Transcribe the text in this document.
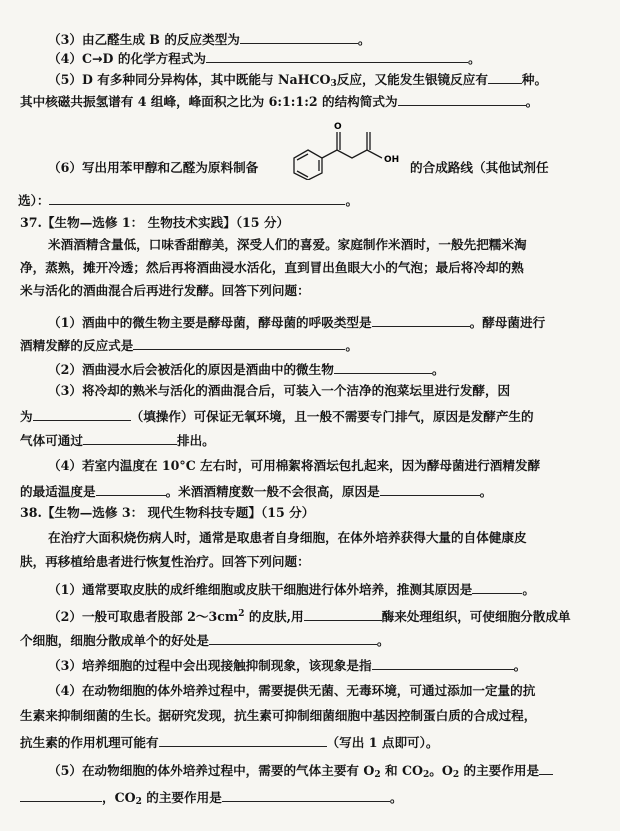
（3）由乙醛生成 B 的反应类型为	。
（4）C→D 的化学方程式为	。
（5）D 有多种同分异构体，其中既能与 NaHCO$_3$反应，又能发生银镜反应有	种。
其中核磁共振氢谱有 4 组峰，峰面积之比为 6:1:1:2 的结构简式为	。
（6）写出用苯甲醇和乙醛为原料制备
O
OH 的合成路线（其他试剂任
选）：	。
37.【生物—选修 1： 生物技术实践】（15 分）
米酒酒精含量低，口味香甜醇美，深受人们的喜爱。家庭制作米酒时，一般先把糯米淘
净，蒸熟，摊开冷透；然后再将酒曲浸水活化，直到冒出鱼眼大小的气泡；最后将冷却的熟
米与活化的酒曲混合后再进行发酵。回答下列问题：
（1）酒曲中的微生物主要是酵母菌，酵母菌的呼吸类型是	。酵母菌进行
酒精发酵的反应式是	。
（2）酒曲浸水后会被活化的原因是酒曲中的微生物	。
（3）将冷却的熟米与活化的酒曲混合后，可装入一个洁净的泡菜坛里进行发酵，因
为	（填操作）可保证无氧环境，且一般不需要专门排气，原因是发酵产生的
气体可通过	排出。
（4）若室内温度在 10°C 左右时，可用棉絮将酒坛包扎起来，因为酵母菌进行酒精发酵
的最适温度是	。米酒酒精度数一般不会很高，原因是	。
38.【生物—选修 3： 现代生物科技专题】（15 分）
在治疗大面积烧伤病人时，通常是取患者自身细胞，在体外培养获得大量的自体健康皮
肤，再移植给患者进行恢复性治疗。回答下列问题：
（1）通常要取皮肤的成纤维细胞或皮肤干细胞进行体外培养，推测其原因是	。
（2）一般可取患者股部 $2\sim 3cm^2$ 的皮肤,用	酶来处理组织，可使细胞分散成单
个细胞，细胞分散成单个的好处是	。
（3）培养细胞的过程中会出现接触抑制现象，该现象是指	。
（4）在动物细胞的体外培养过程中，需要提供无菌、无毒环境，可通过添加一定量的抗
生素来抑制细菌的生长。据研究发现，抗生素可抑制细菌细胞中基因控制蛋白质的合成过程，
抗生素的作用机理可能有	（写出 1 点即可）。
（5）在动物细胞的体外培养过程中，需要的气体主要有 $O_2$ 和 $CO_2$。$O_2$ 的主要作用是
，$CO_2$ 的主要作用是	。
